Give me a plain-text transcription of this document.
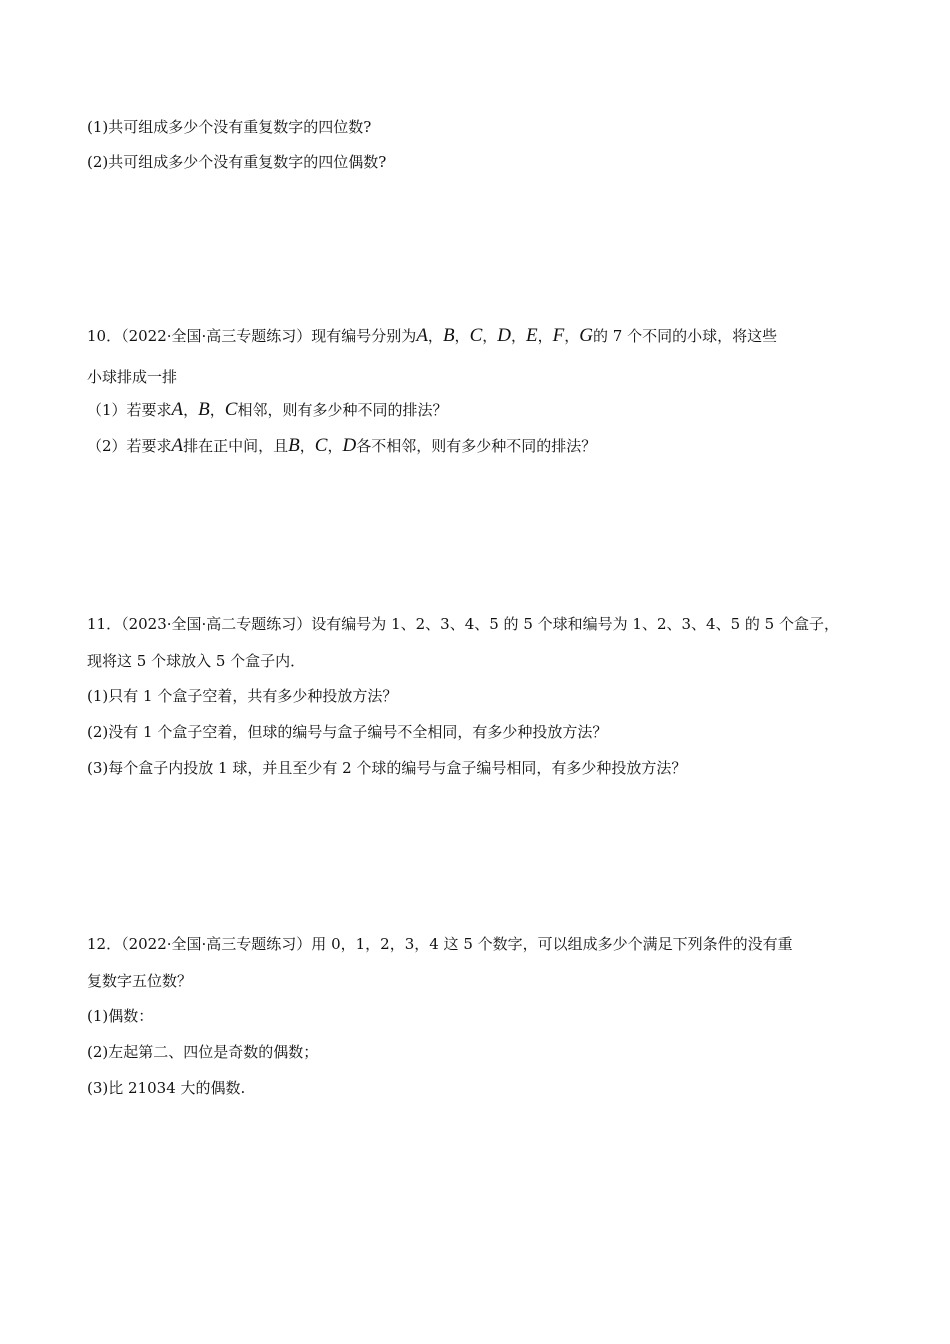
(1)共可组成多少个没有重复数字的四位数?
(2)共可组成多少个没有重复数字的四位偶数?
10．（2022·全国·高三专题练习）现有编号分别为A，B，C，D，E，F，G的 7 个不同的小球，将这些
小球排成一排
（1）若要求A，B，C相邻，则有多少种不同的排法？
（2）若要求A排在正中间，且B，C，D各不相邻，则有多少种不同的排法？
11．（2023·全国·高二专题练习）设有编号为 1、2、3、4、5 的 5 个球和编号为 1、2、3、4、5 的 5 个盒子，
现将这 5 个球放入 5 个盒子内．
(1)只有 1 个盒子空着，共有多少种投放方法？
(2)没有 1 个盒子空着，但球的编号与盒子编号不全相同，有多少种投放方法？
(3)每个盒子内投放 1 球，并且至少有 2 个球的编号与盒子编号相同，有多少种投放方法？
12．（2022·全国·高三专题练习）用 0，1，2，3，4 这 5 个数字，可以组成多少个满足下列条件的没有重
复数字五位数？
(1)偶数：
(2)左起第二、四位是奇数的偶数；
(3)比 21034 大的偶数.
